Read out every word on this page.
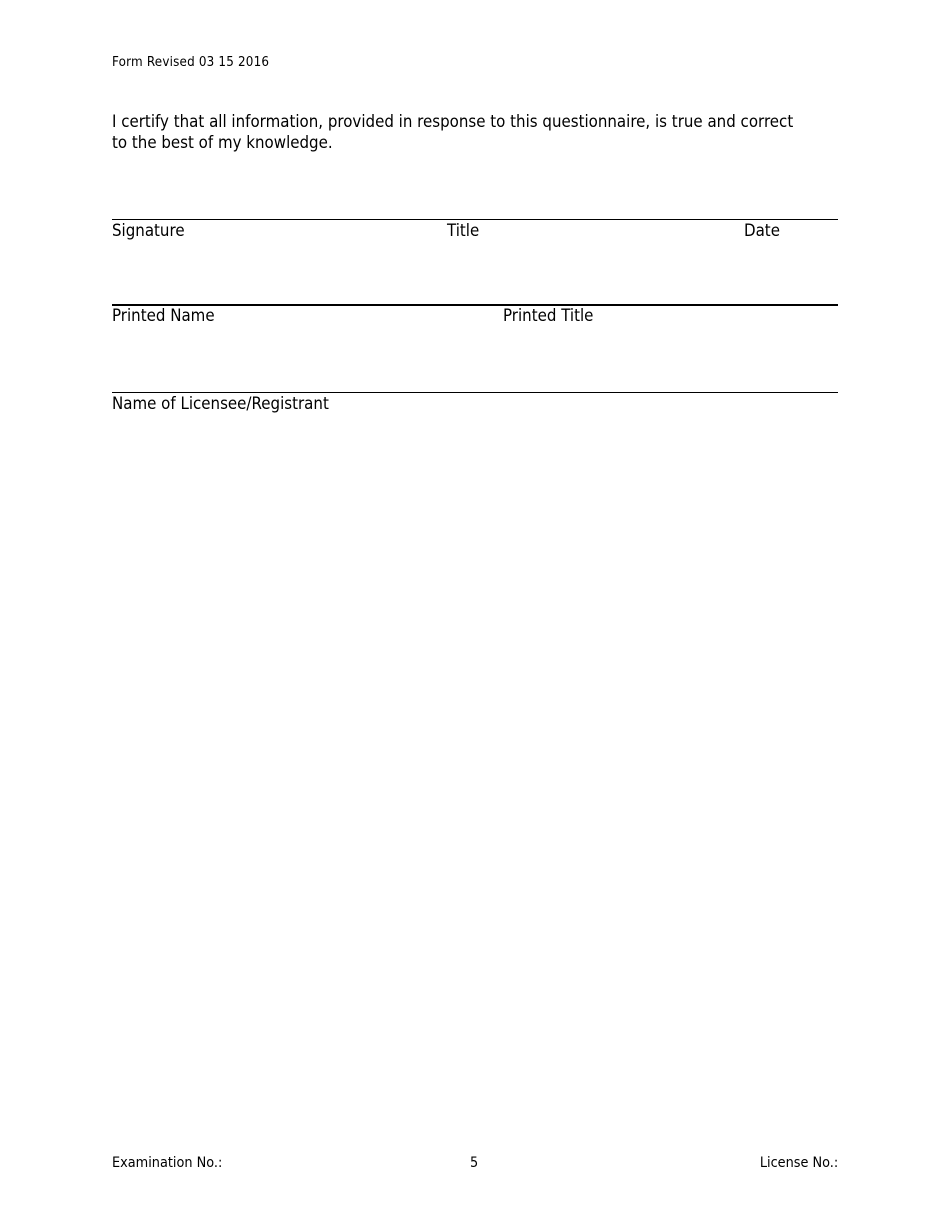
Form Revised 03 15 2016
I certify that all information, provided in response to this questionnaire, is true and correct to the best of my knowledge.
Signature	Title	Date
Printed Name	Printed Title
Name of Licensee/Registrant
Examination No.:	5	License No.:
